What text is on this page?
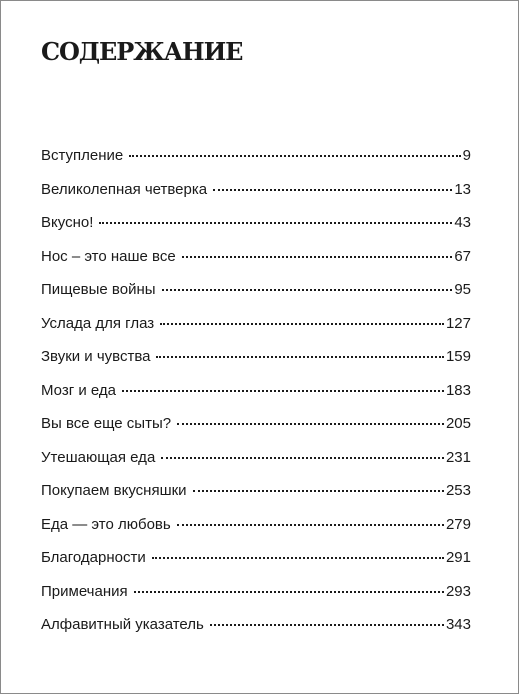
СОДЕРЖАНИЕ
Вступление	9
Великолепная четверка	13
Вкусно!	43
Нос – это наше все	67
Пищевые войны	95
Услада для глаз	127
Звуки и чувства	159
Мозг и еда	183
Вы все еще сыты?	205
Утешающая еда	231
Покупаем вкусняшки	253
Еда — это любовь	279
Благодарности	291
Примечания	293
Алфавитный указатель	343
